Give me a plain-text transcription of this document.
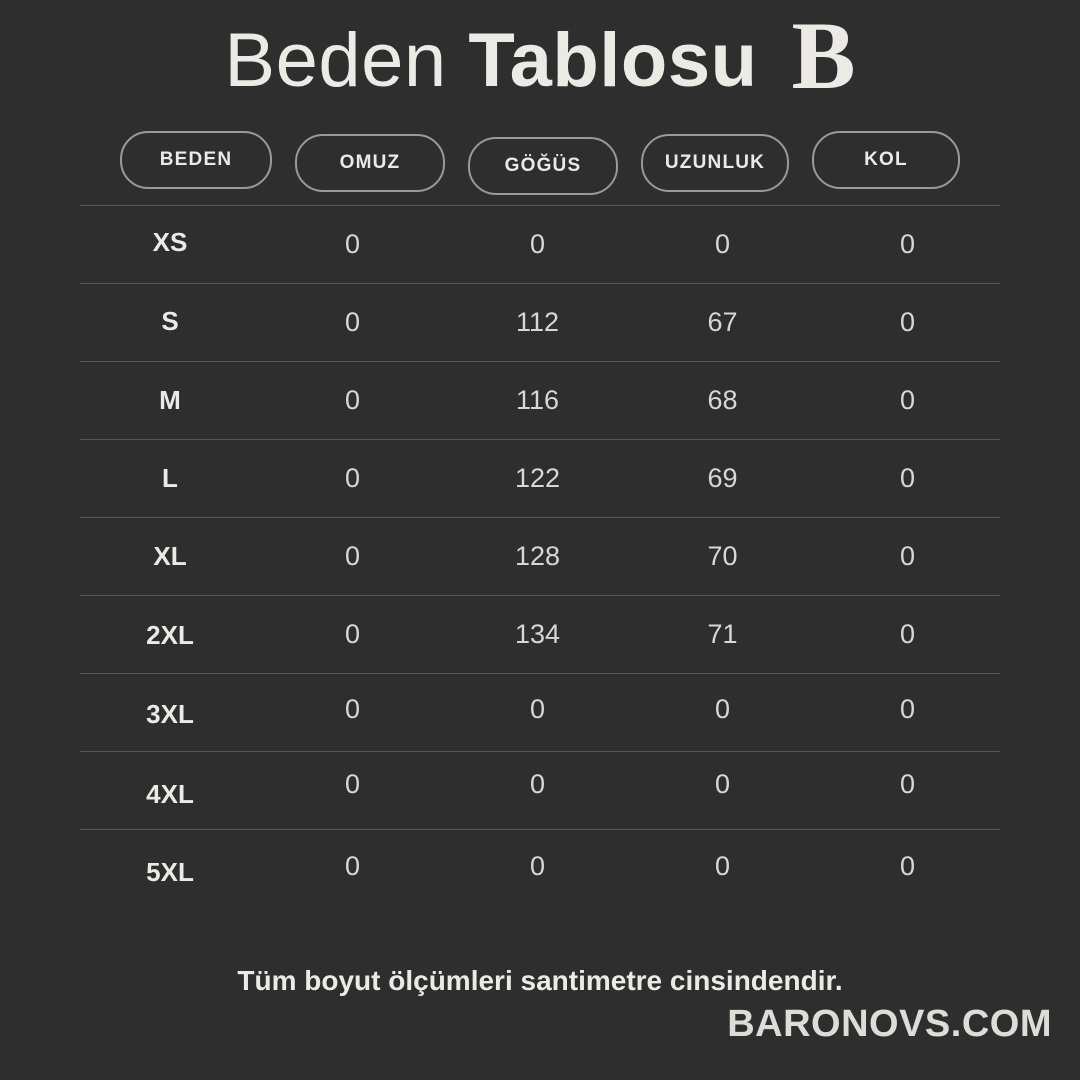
Beden Tablosu B
BEDEN	OMUZ	GÖĞÜS	UZUNLUK	KOL
XS	0	0	0	0
S	0	112	67	0
M	0	116	68	0
L	0	122	69	0
XL	0	128	70	0
2XL	0	134	71	0
3XL	0	0	0	0
4XL	0	0	0	0
5XL	0	0	0	0
Tüm boyut ölçümleri santimetre cinsindendir.
BARONOVS.COM
